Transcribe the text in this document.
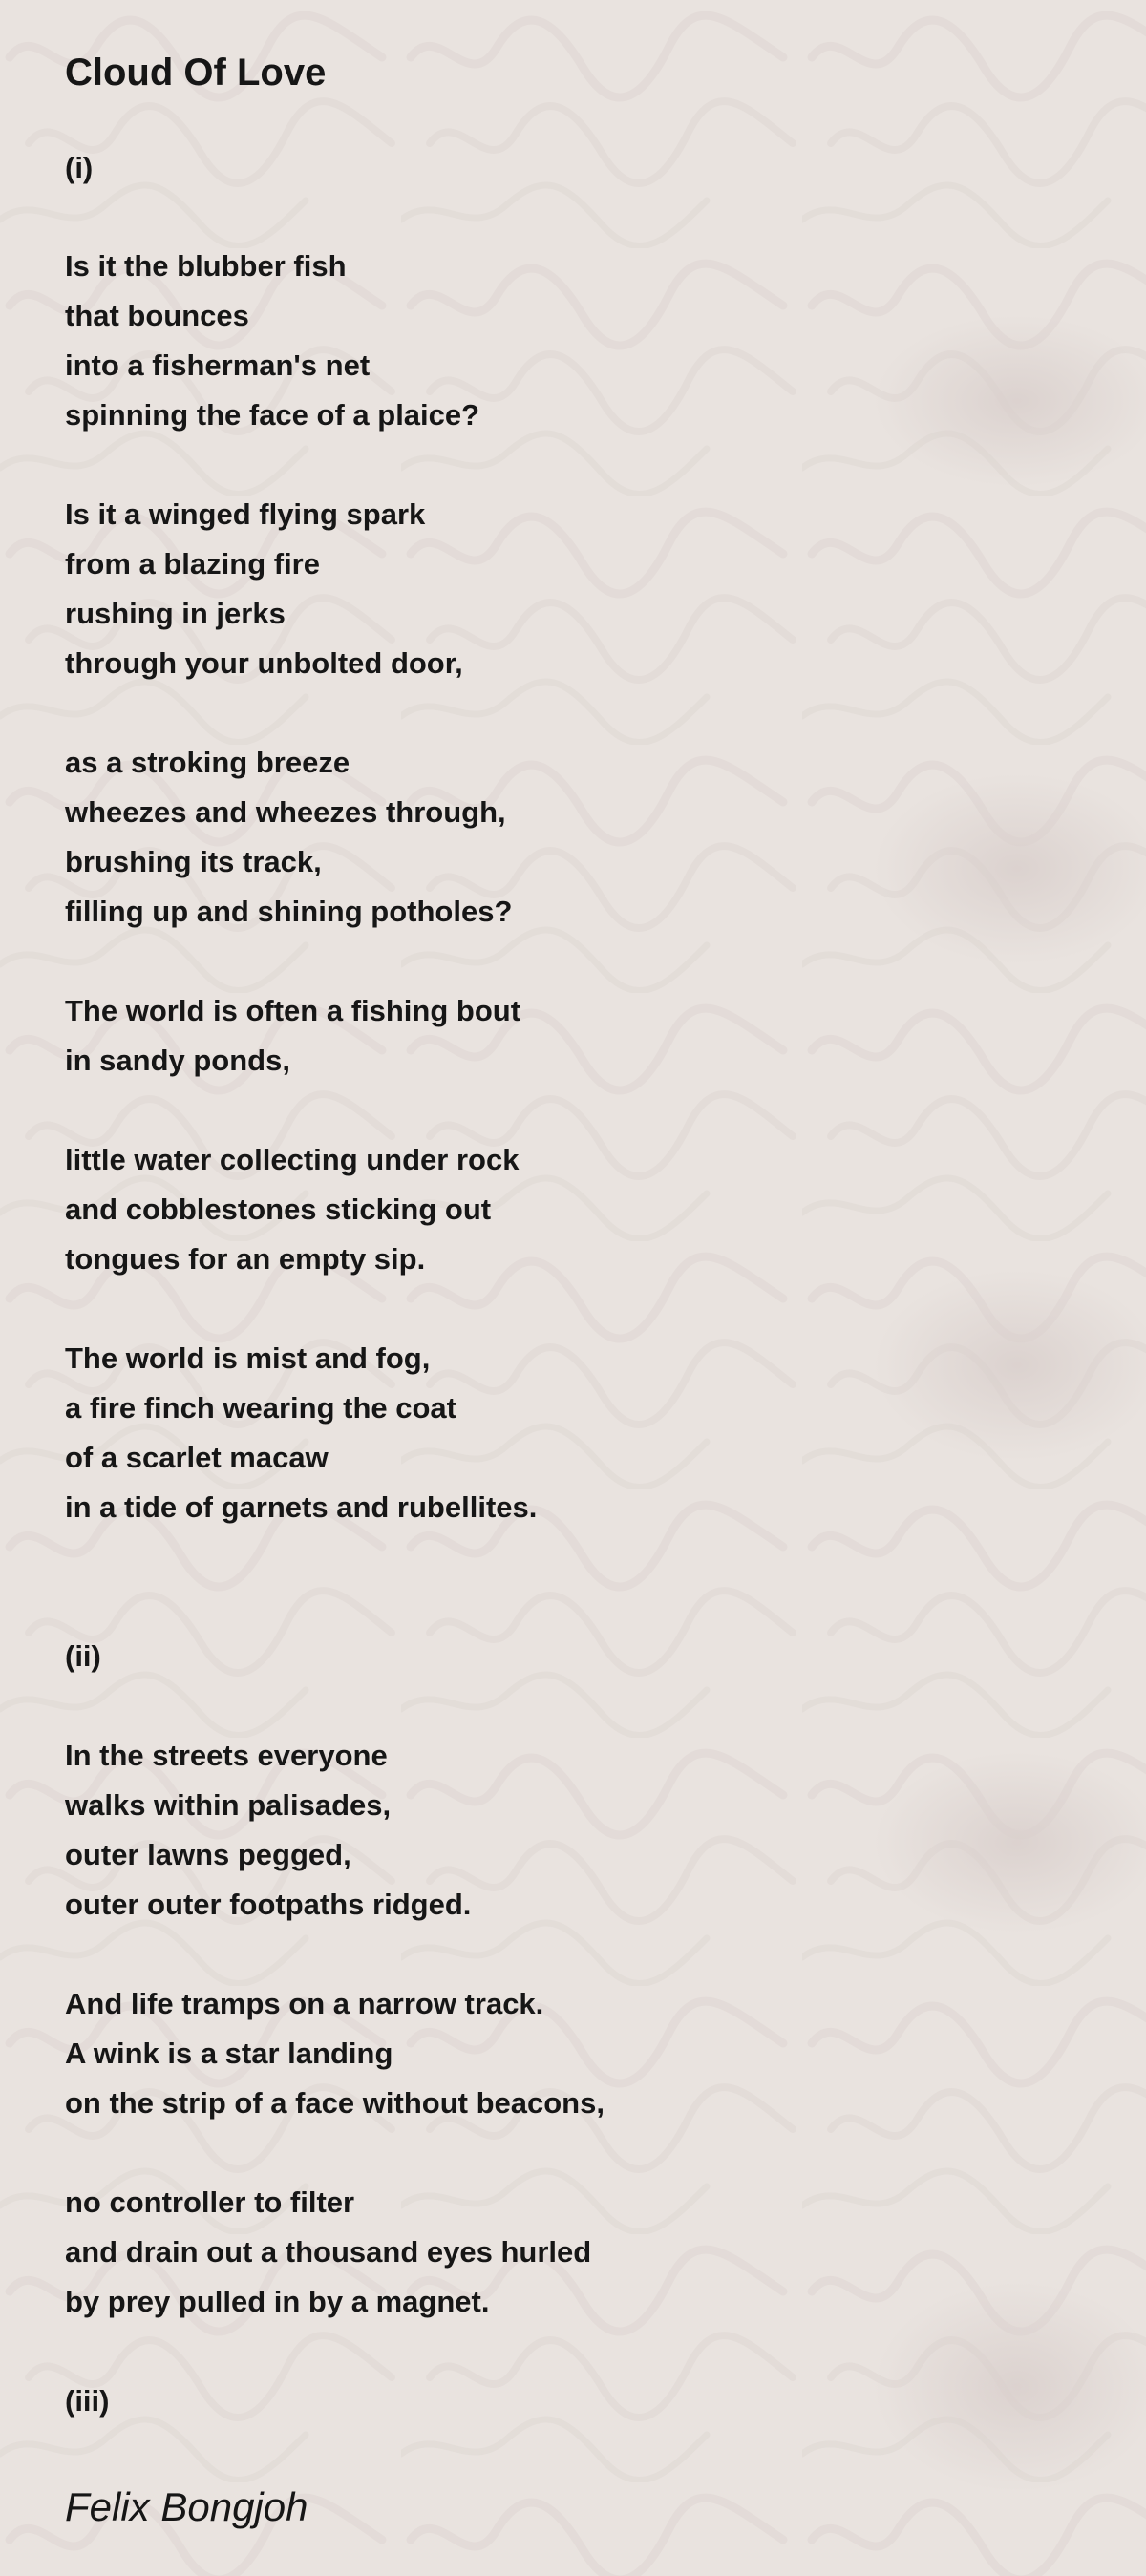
Cloud Of Love
(i)
Is it the blubber fish
that bounces
into a fisherman's net
spinning the face of a plaice?
Is it a winged flying spark
from a blazing fire
rushing in jerks
through your unbolted door,
as a stroking breeze
wheezes and wheezes through,
brushing its track,
filling up and shining potholes?
The world is often a fishing bout
in sandy ponds,
little water collecting under rock
and cobblestones sticking out
tongues for an empty sip.
The world is mist and fog,
a fire finch wearing the coat
of a scarlet macaw
in a tide of garnets and rubellites.
(ii)
In the streets everyone
walks within palisades,
outer lawns pegged,
outer outer footpaths ridged.
And life tramps on a narrow track.
A wink is a star landing
on the strip of a face without beacons,
no controller to filter
and drain out a thousand eyes hurled
by prey pulled in by a magnet.
(iii)
Felix Bongjoh
